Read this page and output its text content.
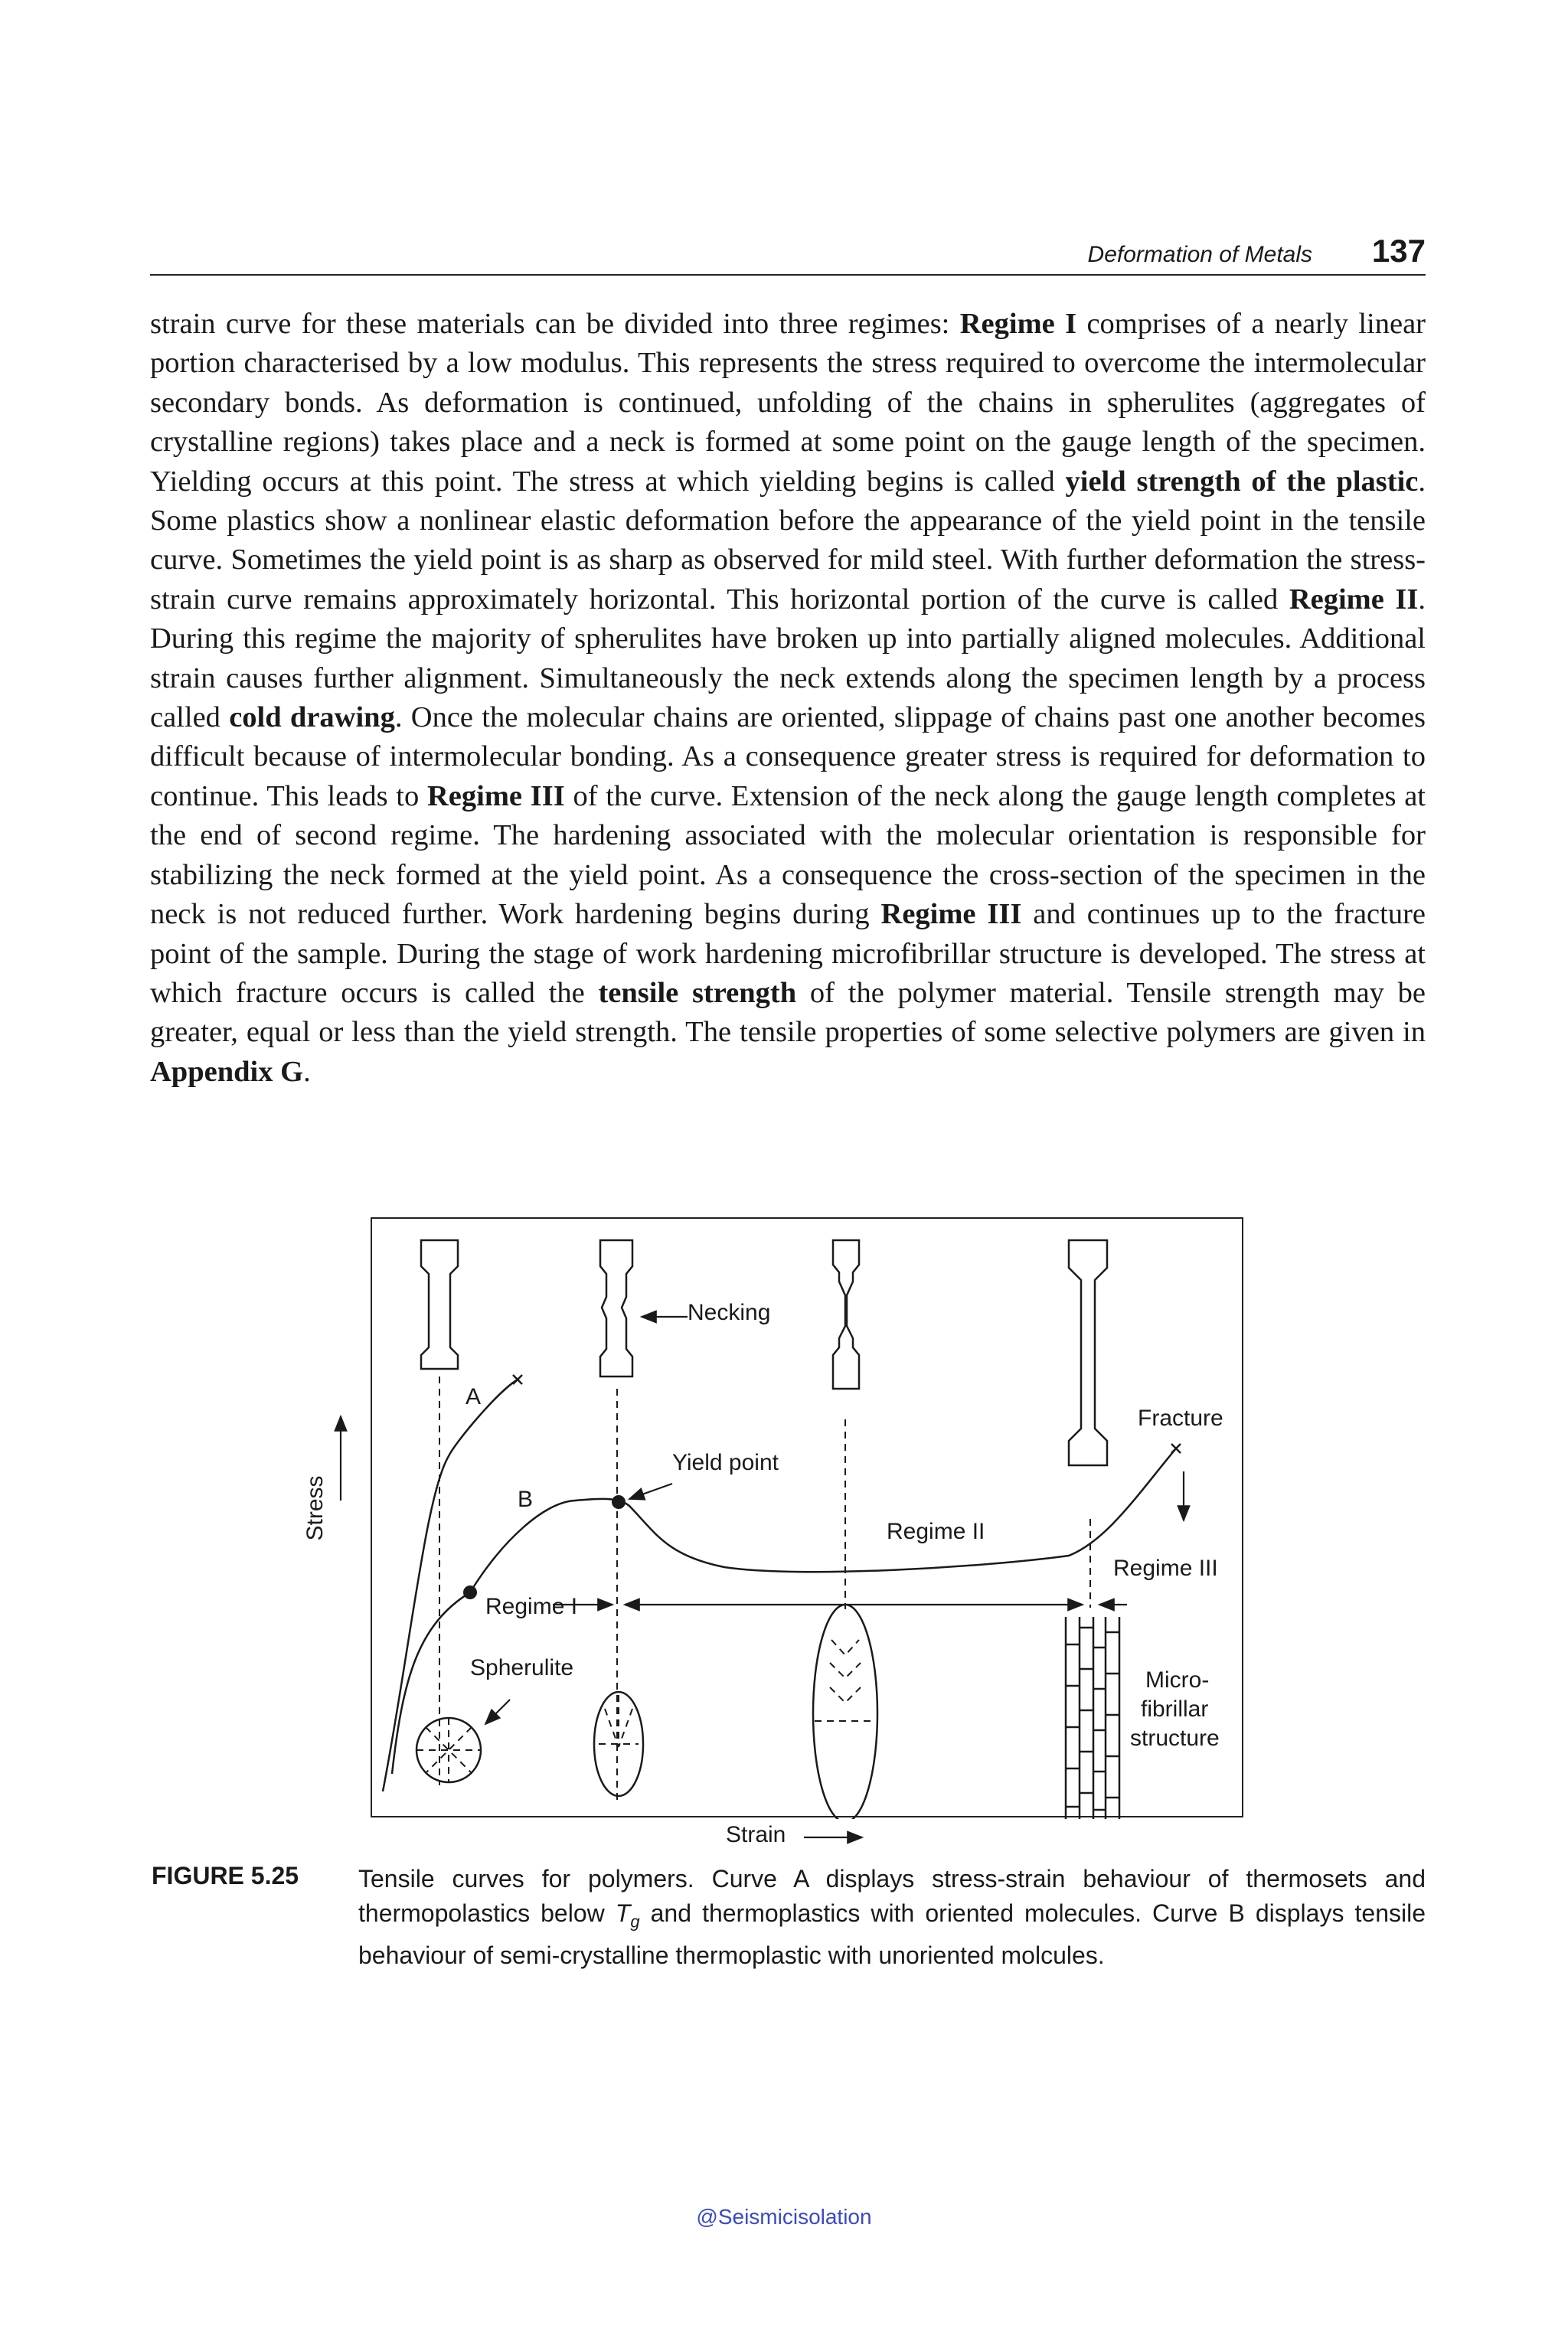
Deformation of Metals 137

strain curve for these materials can be divided into three regimes: Regime I comprises of a nearly linear portion characterised by a low modulus. This represents the stress required to overcome the intermolecular secondary bonds. As deformation is continued, unfolding of the chains in spherulites (aggregates of crystalline regions) takes place and a neck is formed at some point on the gauge length of the specimen. Yielding occurs at this point. The stress at which yielding begins is called yield strength of the plastic. Some plastics show a nonlinear elastic deformation before the appearance of the yield point in the tensile curve. Sometimes the yield point is as sharp as observed for mild steel. With further deformation the stress-strain curve remains approximately horizontal. This horizontal portion of the curve is called Regime II. During this regime the majority of spherulites have broken up into partially aligned molecules. Additional strain causes further alignment. Simultaneously the neck extends along the specimen length by a process called cold drawing. Once the molecular chains are oriented, slippage of chains past one another becomes difficult because of intermolecular bonding. As a consequence greater stress is required for deformation to continue. This leads to Regime III of the curve. Extension of the neck along the gauge length completes at the end of second regime. The hardening associated with the molecular orientation is responsible for stabilizing the neck formed at the yield point. As a consequence the cross-section of the specimen in the neck is not reduced further. Work hardening begins during Regime III and continues up to the fracture point of the sample. During the stage of work hardening microfibrillar structure is developed. The stress at which fracture occurs is called the tensile strength of the polymer material. Tensile strength may be greater, equal or less than the yield strength. The tensile properties of some selective polymers are given in Appendix G.

Necking
A
B
Yield point
Fracture
Regime I
Regime II
Regime III
Spherulite	Micro-
fibrillar
structure
Stress
Strain
FIGURE 5.25 Tensile curves for polymers. Curve A displays stress-strain behaviour of thermosets and thermopolastics below $T_g$ and thermoplastics with oriented molecules. Curve B displays tensile behaviour of semi-crystalline thermoplastic with unoriented molcules.

@Seismicisolation
